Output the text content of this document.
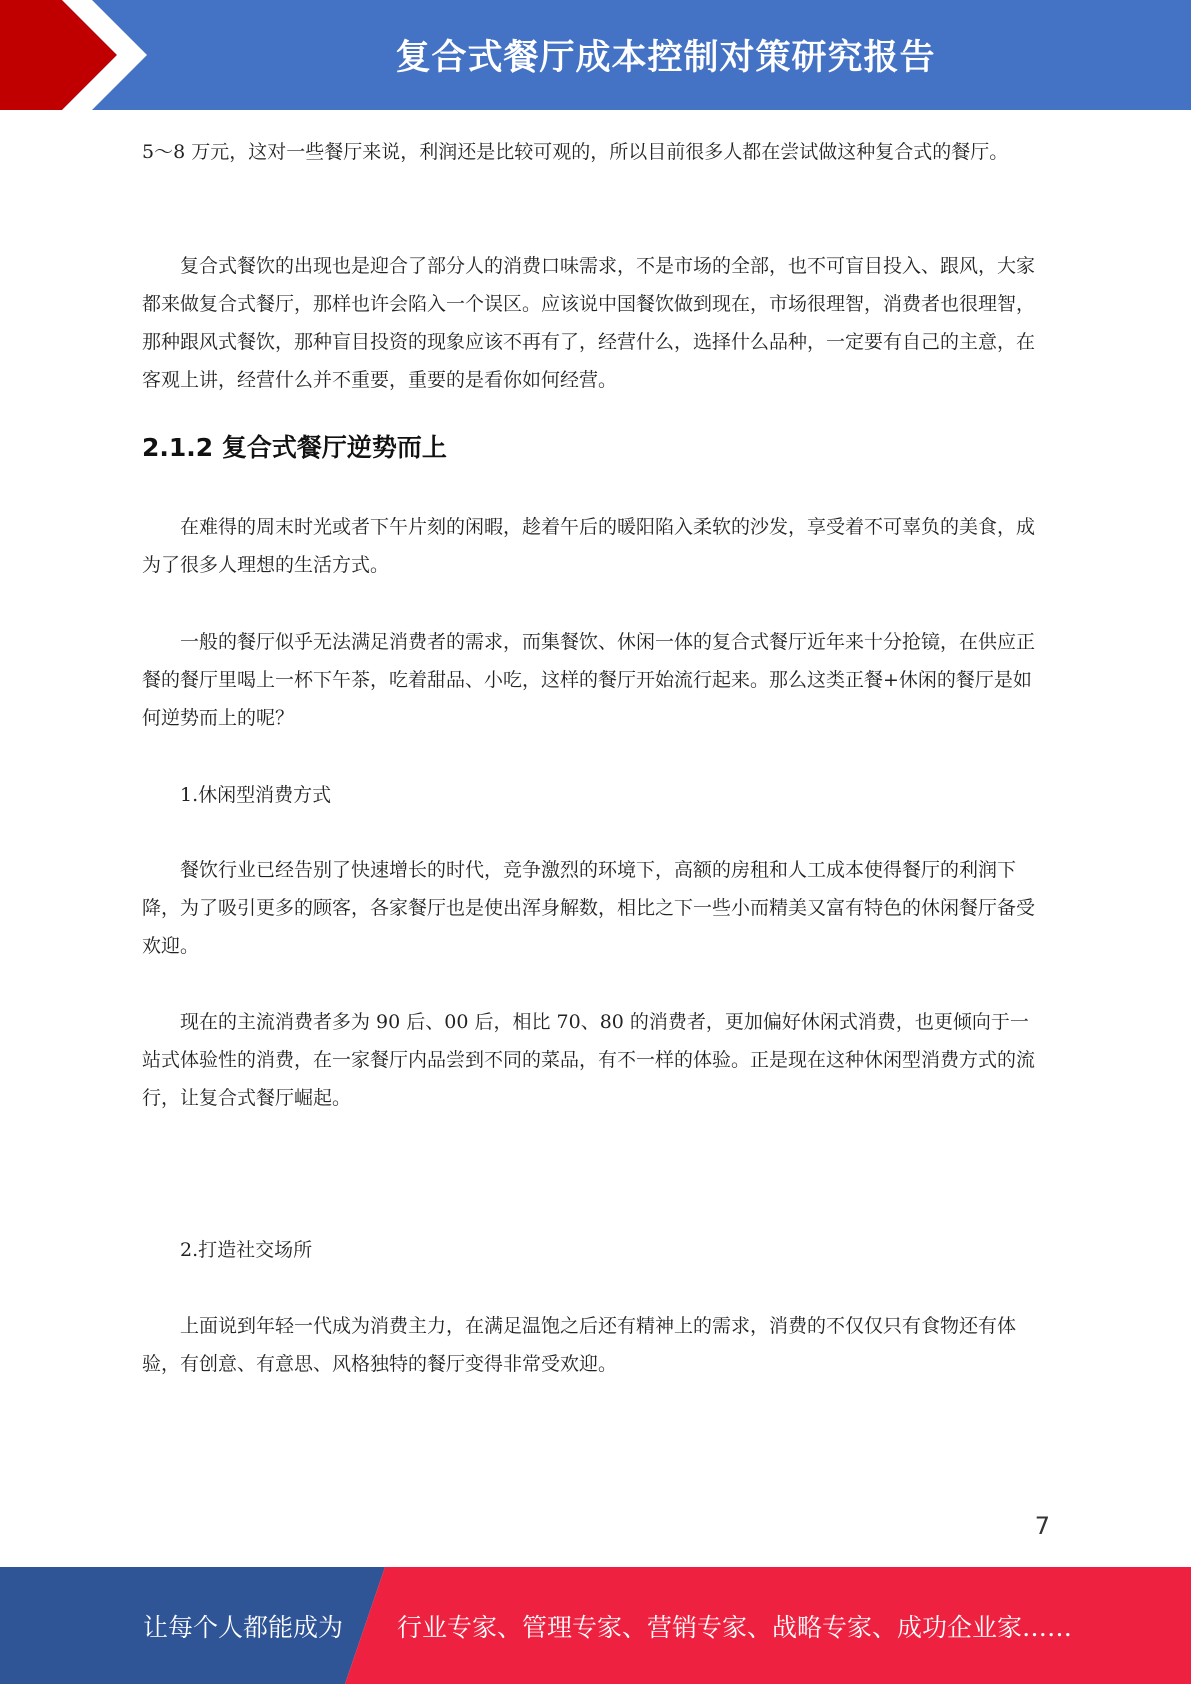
复合式餐厅成本控制对策研究报告

5～8 万元，这对一些餐厅来说，利润还是比较可观的，所以目前很多人都在尝试做这种复合式的餐厅。

复合式餐饮的出现也是迎合了部分人的消费口味需求，不是市场的全部，也不可盲目投入、跟风，大家都来做复合式餐厅，那样也许会陷入一个误区。应该说中国餐饮做到现在，市场很理智，消费者也很理智，那种跟风式餐饮，那种盲目投资的现象应该不再有了，经营什么，选择什么品种，一定要有自己的主意，在客观上讲，经营什么并不重要，重要的是看你如何经营。

2.1.2 复合式餐厅逆势而上

在难得的周末时光或者下午片刻的闲暇，趁着午后的暖阳陷入柔软的沙发，享受着不可辜负的美食，成为了很多人理想的生活方式。

一般的餐厅似乎无法满足消费者的需求，而集餐饮、休闲一体的复合式餐厅近年来十分抢镜，在供应正餐的餐厅里喝上一杯下午茶，吃着甜品、小吃，这样的餐厅开始流行起来。那么这类正餐+休闲的餐厅是如何逆势而上的呢？

1.休闲型消费方式

餐饮行业已经告别了快速增长的时代，竞争激烈的环境下，高额的房租和人工成本使得餐厅的利润下降，为了吸引更多的顾客，各家餐厅也是使出浑身解数，相比之下一些小而精美又富有特色的休闲餐厅备受欢迎。

现在的主流消费者多为 90 后、00 后，相比 70、80 的消费者，更加偏好休闲式消费，也更倾向于一站式体验性的消费，在一家餐厅内品尝到不同的菜品，有不一样的体验。正是现在这种休闲型消费方式的流行，让复合式餐厅崛起。

2.打造社交场所

上面说到年轻一代成为消费主力，在满足温饱之后还有精神上的需求，消费的不仅仅只有食物还有体验，有创意、有意思、风格独特的餐厅变得非常受欢迎。

7
让每个人都能成为 行业专家、管理专家、营销专家、战略专家、成功企业家……
